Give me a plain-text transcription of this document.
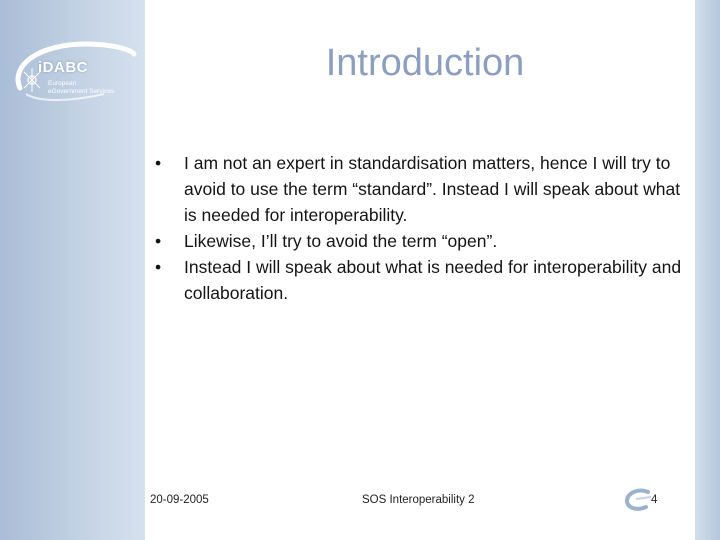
iDABC
European
eGovernment Services
Introduction
•	I am not an expert in standardisation matters, hence I will try to avoid to use the term “standard”. Instead I will speak about what is needed for interoperability.
•	Likewise, I’ll try to avoid the term “open”.
•	Instead I will speak about what is needed for interoperability and collaboration.
20-09-2005	SOS Interoperability 2	4
